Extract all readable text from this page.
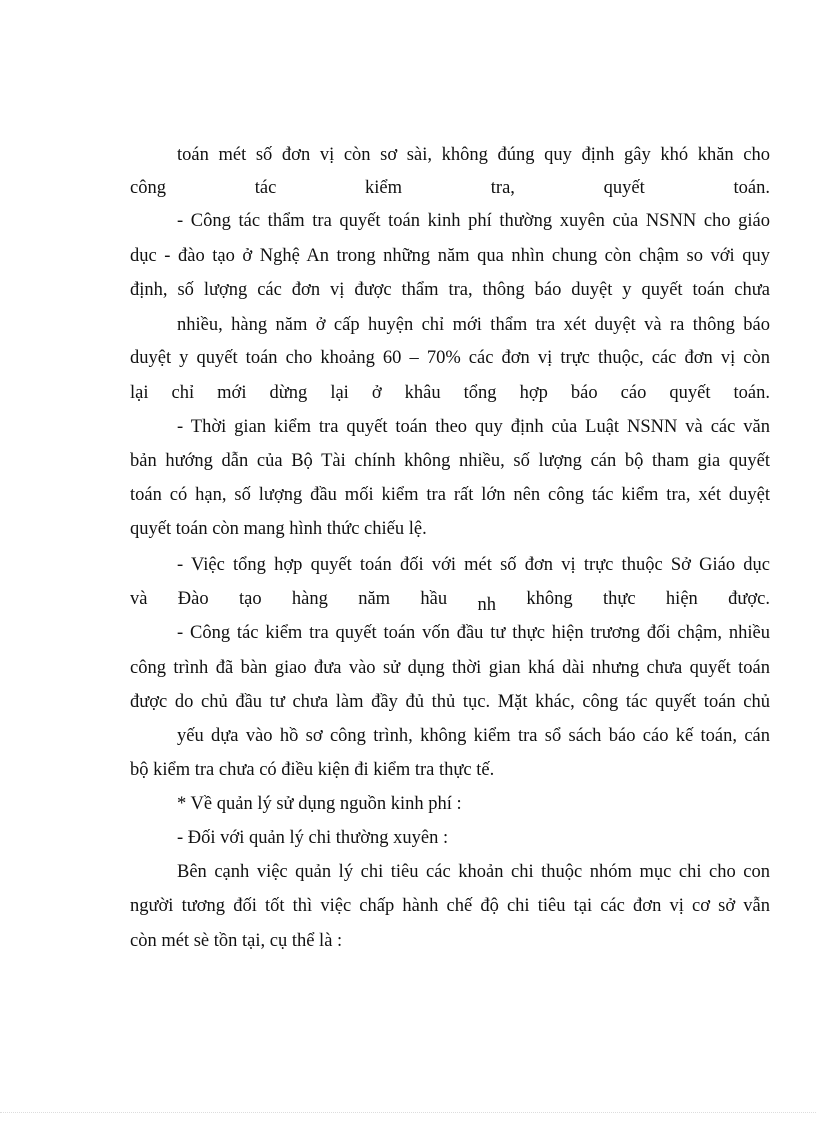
toán mét số đơn vị còn sơ sài, không đúng quy định gây khó khăn cho
công tác kiểm tra, quyết toán.
- Công tác thẩm tra quyết toán kinh phí thường xuyên của NSNN cho giáo
dục - đào tạo ở Nghệ An trong những năm qua nhìn chung còn chậm so với quy
định, số lượng các đơn vị được thẩm tra, thông báo duyệt y quyết toán chưa
nhiều, hàng năm ở cấp huyện chỉ mới thẩm tra xét duyệt và ra thông báo
duyệt y quyết toán cho khoảng 60 – 70% các đơn vị trực thuộc, các đơn vị còn
lại chỉ mới dừng lại ở khâu tổng hợp báo cáo quyết toán.
- Thời gian kiểm tra quyết toán theo quy định của Luật NSNN và các văn
bản hướng dẫn của Bộ Tài chính không nhiều, số lượng cán bộ tham gia quyết
toán có hạn, số lượng đầu mối kiểm tra rất lớn nên công tác kiểm tra, xét duyệt
quyết toán còn mang hình thức chiếu lệ.
- Việc tổng hợp quyết toán đối với mét số đơn vị trực thuộc Sở Giáo dục
và Đào tạo hàng năm hầu nh không thực hiện được.
- Công tác kiểm tra quyết toán vốn đầu tư thực hiện trương đối chậm, nhiều
công trình đã bàn giao đưa vào sử dụng thời gian khá dài nhưng chưa quyết toán
được do chủ đầu tư chưa làm đầy đủ thủ tục. Mặt khác, công tác quyết toán chủ
yếu dựa vào hồ sơ công trình, không kiểm tra sổ sách báo cáo kế toán, cán
bộ kiểm tra chưa có điều kiện đi kiểm tra thực tế.
* Về quản lý sử dụng nguồn kinh phí :
- Đối với quản lý chi thường xuyên :
Bên cạnh việc quản lý chi tiêu các khoản chi thuộc nhóm mục chi cho con
người tương đối tốt thì việc chấp hành chế độ chi tiêu tại các đơn vị cơ sở vẫn
còn mét sè tồn tại, cụ thể là :
